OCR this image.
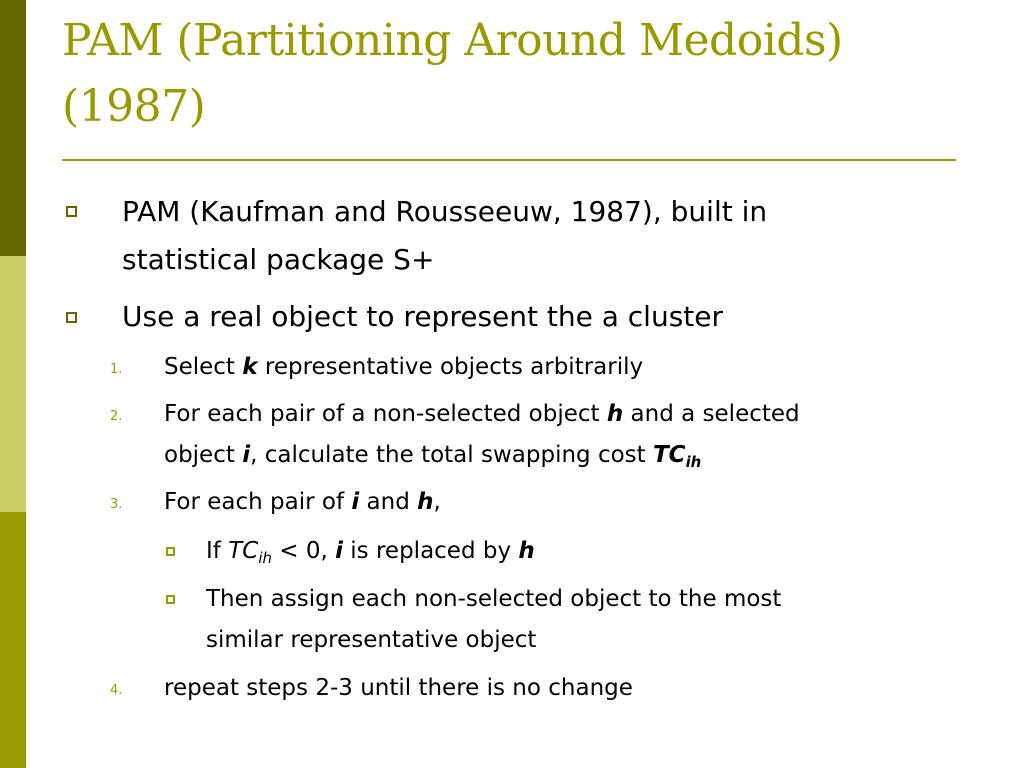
PAM (Partitioning Around Medoids)
(1987)
PAM (Kaufman and Rousseeuw, 1987), built in
statistical package S+
Use a real object to represent the a cluster
1. Select k representative objects arbitrarily
2. For each pair of a non-selected object h and a selected
object i, calculate the total swapping cost $TC_{ih}$
3. For each pair of i and h,
If $TC_{ih} < 0$, i is replaced by h
Then assign each non-selected object to the most
similar representative object
4. repeat steps 2-3 until there is no change
